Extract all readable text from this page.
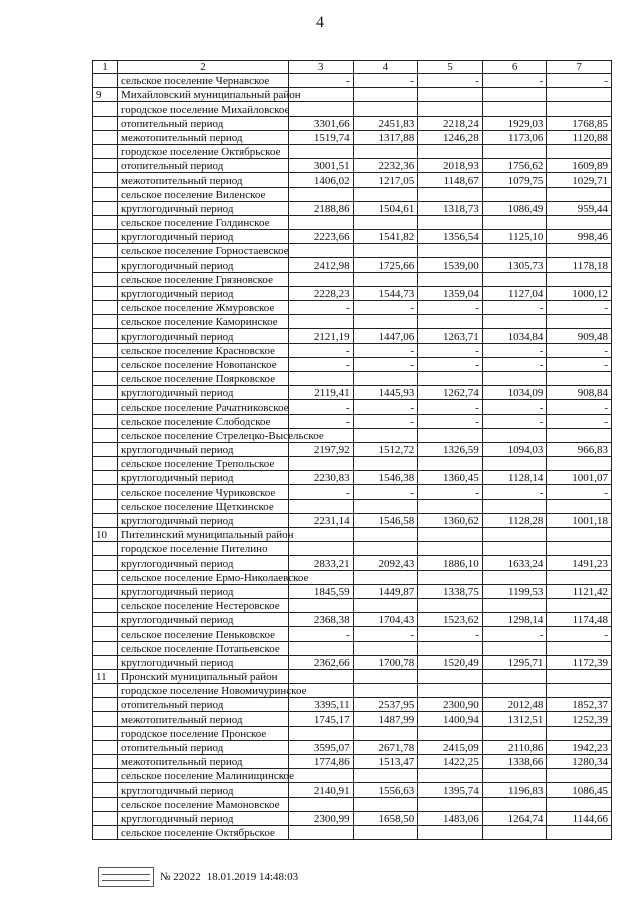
4
1	2	3	4	5	6	7
	сельское поселение Чернавское	-	-	-	-	-
9	Михайловский муниципальный район					
	городское поселение Михайловское					
	отопительный период	3301,66	2451,83	2218,24	1929,03	1768,85
	межотопительный период	1519,74	1317,88	1246,28	1173,06	1120,88
	городское поселение Октябрьское					
	отопительный период	3001,51	2232,36	2018,93	1756,62	1609,89
	межотопительный период	1406,02	1217,05	1148,67	1079,75	1029,71
	сельское поселение Виленское					
	круглогодичный период	2188,86	1504,61	1318,73	1086,49	959,44
	сельское поселение Голдинское					
	круглогодичный период	2223,66	1541,82	1356,54	1125,10	998,46
	сельское поселение Горностаевское					
	круглогодичный период	2412,98	1725,66	1539,00	1305,73	1178,18
	сельское поселение Грязновское					
	круглогодичный период	2228,23	1544,73	1359,04	1127,04	1000,12
	сельское поселение Жмуровское	-	-	-	-	-
	сельское поселение Каморинское					
	круглогодичный период	2121,19	1447,06	1263,71	1034,84	909,48
	сельское поселение Красновское	-	-	-	-	-
	сельское поселение Новопанское	-	-	-	-	-
	сельское поселение Поярковское					
	круглогодичный период	2119,41	1445,93	1262,74	1034,09	908,84
	сельское поселение Рачатниковское	-	-	-	-	-
	сельское поселение Слободское	-	-	-	-	-
	сельское поселение Стрелецко-Высельское					
	круглогодичный период	2197,92	1512,72	1326,59	1094,03	966,83
	сельское поселение Трепольское					
	круглогодичный период	2230,83	1546,38	1360,45	1128,14	1001,07
	сельское поселение Чуриковское	-	-	-	-	-
	сельское поселение Щеткинское					
	круглогодичный период	2231,14	1546,58	1360,62	1128,28	1001,18
10	Пителинский муниципальный район					
	городское поселение Пителино					
	круглогодичный период	2833,21	2092,43	1886,10	1633,24	1491,23
	сельское поселение Ермо-Николаевское					
	круглогодичный период	1845,59	1449,87	1338,75	1199,53	1121,42
	сельское поселение Нестеровское					
	круглогодичный период	2368,38	1704,43	1523,62	1298,14	1174,48
	сельское поселение Пеньковское	-	-	-	-	-
	сельское поселение Потапьевское					
	круглогодичный период	2362,66	1700,78	1520,49	1295,71	1172,39
11	Пронский муниципальный район					
	городское поселение Новомичуринское					
	отопительный период	3395,11	2537,95	2300,90	2012,48	1852,37
	межотопительный период	1745,17	1487,99	1400,94	1312,51	1252,39
	городское поселение Пронское					
	отопительный период	3595,07	2671,78	2415,09	2110,86	1942,23
	межотопительный период	1774,86	1513,47	1422,25	1338,66	1280,34
	сельское поселение Малинищинское					
	круглогодичный период	2140,91	1556,63	1395,74	1196,83	1086,45
	сельское поселение Мамоновское					
	круглогодичный период	2300,99	1658,50	1483,06	1264,74	1144,66
	сельское поселение Октябрьское					
№ 22022 18.01.2019 14:48:03
